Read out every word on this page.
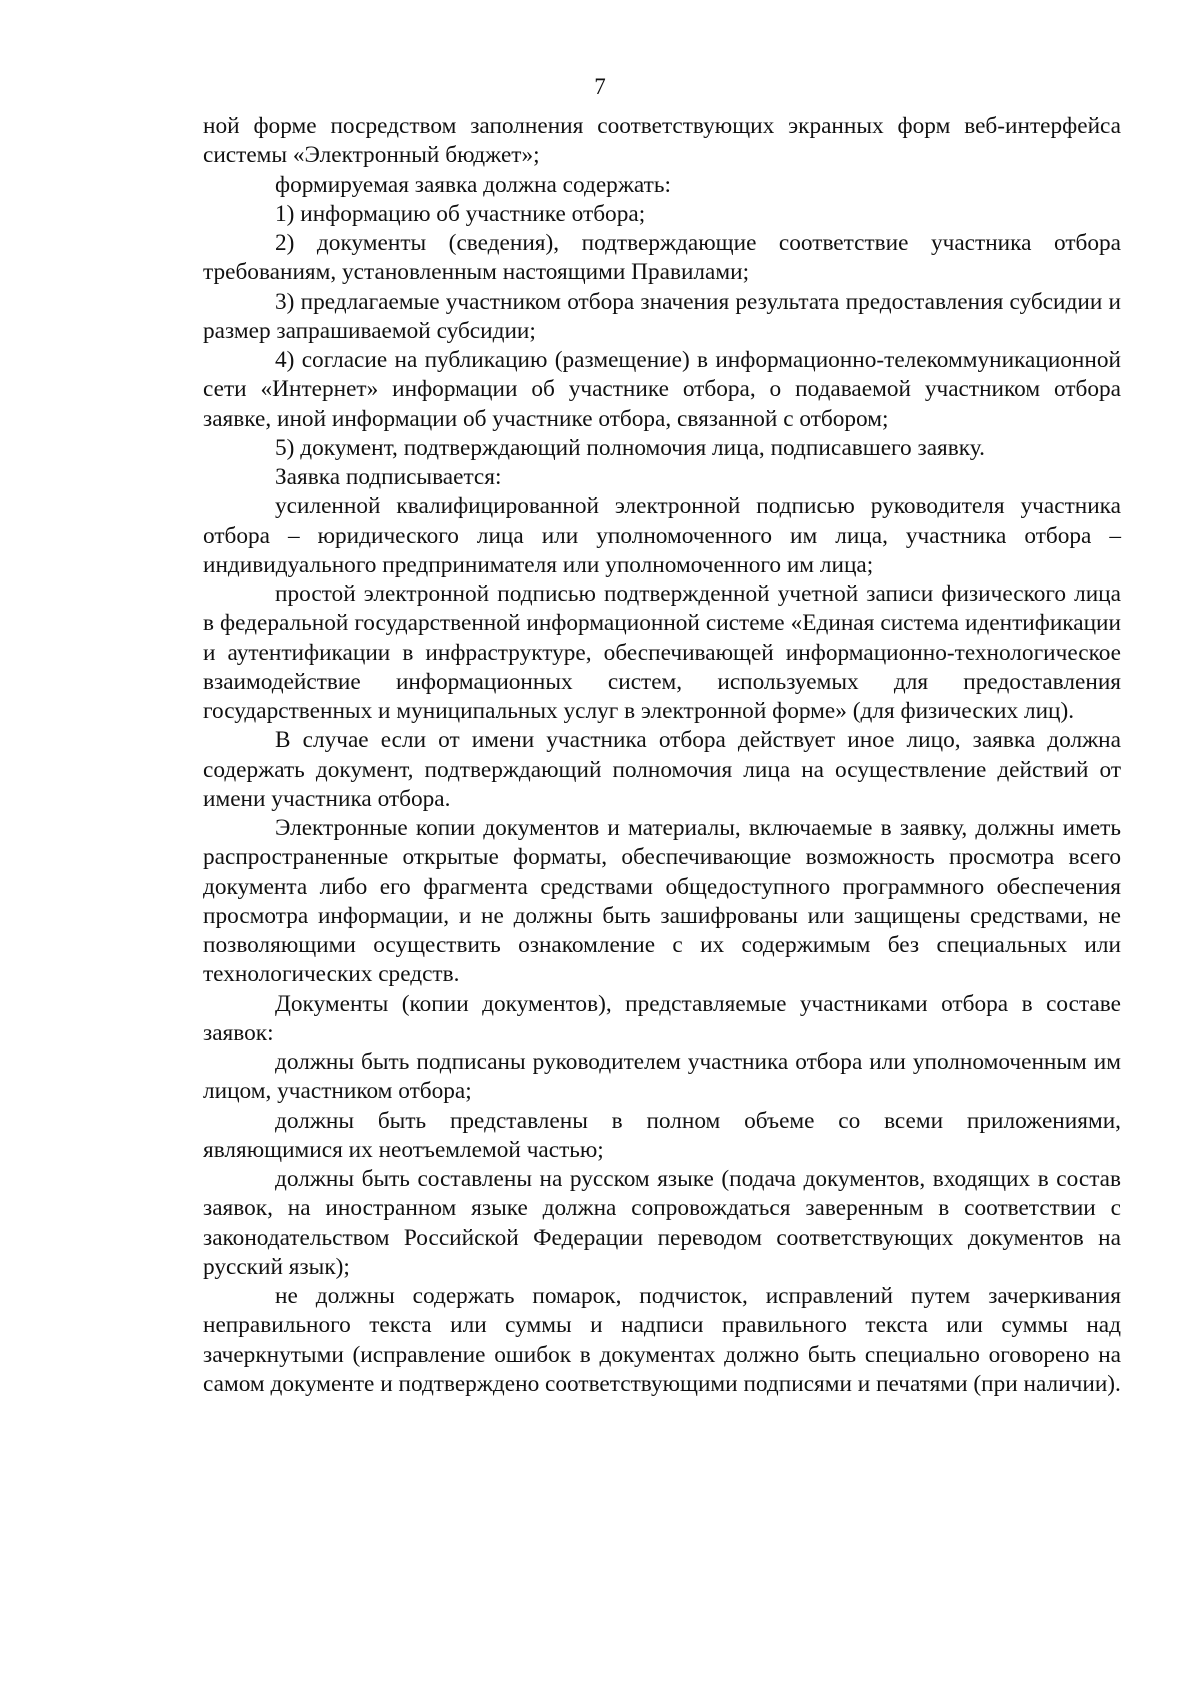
7

ной форме посредством заполнения соответствующих экранных форм веб-интерфейса системы «Электронный бюджет»;

формируемая заявка должна содержать:

1) информацию об участнике отбора;

2) документы (сведения), подтверждающие соответствие участника отбора требованиям, установленным настоящими Правилами;

3) предлагаемые участником отбора значения результата предоставления субсидии и размер запрашиваемой субсидии;

4) согласие на публикацию (размещение) в информационно-телекоммуникационной сети «Интернет» информации об участнике отбора, о подаваемой участником отбора заявке, иной информации об участнике отбора, связанной с отбором;

5) документ, подтверждающий полномочия лица, подписавшего заявку.

Заявка подписывается:

усиленной квалифицированной электронной подписью руководителя участника отбора – юридического лица или уполномоченного им лица, участника отбора – индивидуального предпринимателя или уполномоченного им лица;

простой электронной подписью подтвержденной учетной записи физического лица в федеральной государственной информационной системе «Единая система идентификации и аутентификации в инфраструктуре, обеспечивающей информационно-технологическое взаимодействие информационных систем, используемых для предоставления государственных и муниципальных услуг в электронной форме» (для физических лиц).

В случае если от имени участника отбора действует иное лицо, заявка должна содержать документ, подтверждающий полномочия лица на осуществление действий от имени участника отбора.

Электронные копии документов и материалы, включаемые в заявку, должны иметь распространенные открытые форматы, обеспечивающие возможность просмотра всего документа либо его фрагмента средствами общедоступного программного обеспечения просмотра информации, и не должны быть зашифрованы или защищены средствами, не позволяющими осуществить ознакомление с их содержимым без специальных или технологических средств.

Документы (копии документов), представляемые участниками отбора в составе заявок:

должны быть подписаны руководителем участника отбора или уполномоченным им лицом, участником отбора;

должны быть представлены в полном объеме со всеми приложениями, являющимися их неотъемлемой частью;

должны быть составлены на русском языке (подача документов, входящих в состав заявок, на иностранном языке должна сопровождаться заверенным в соответствии с законодательством Российской Федерации переводом соответствующих документов на русский язык);

не должны содержать помарок, подчисток, исправлений путем зачеркивания неправильного текста или суммы и надписи правильного текста или суммы над зачеркнутыми (исправление ошибок в документах должно быть специально оговорено на самом документе и подтверждено соответствующими подписями и печатями (при наличии).
